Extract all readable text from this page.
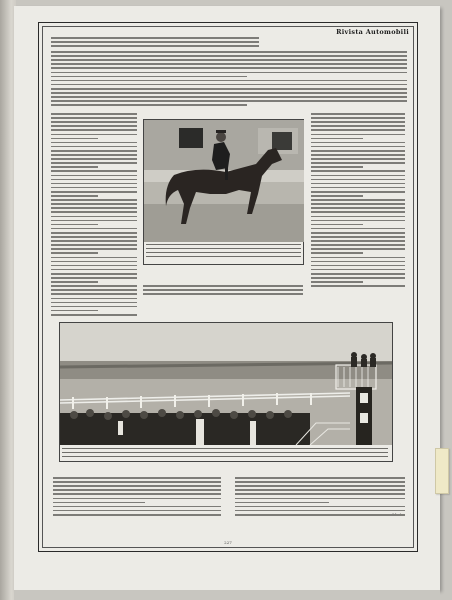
Rivista Automobili
227
